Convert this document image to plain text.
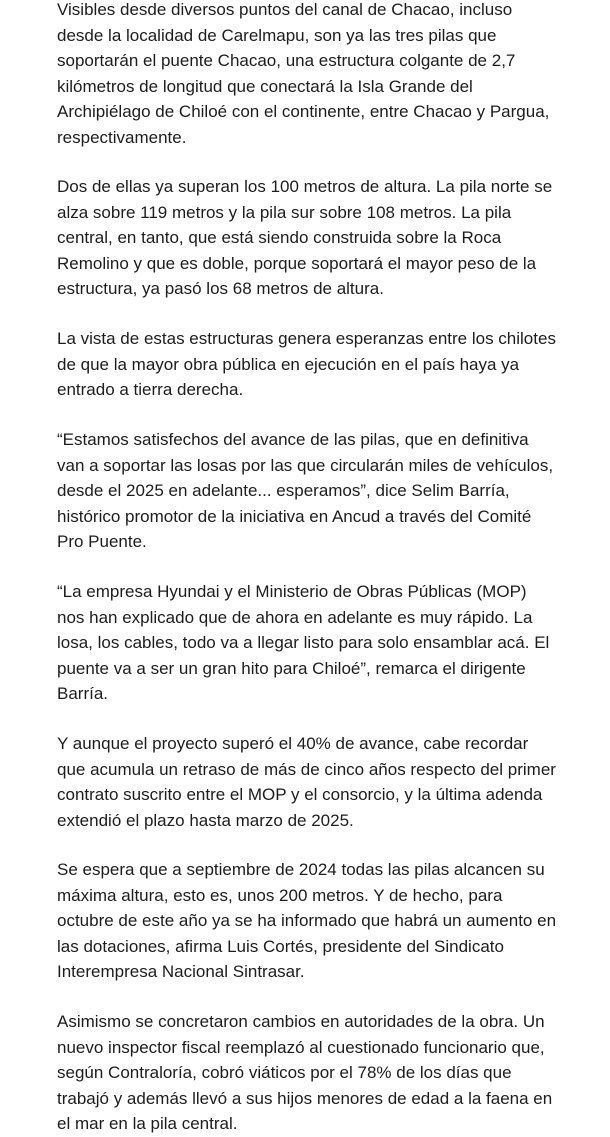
Visibles desde diversos puntos del canal de Chacao, incluso desde la localidad de Carelmapu, son ya las tres pilas que soportarán el puente Chacao, una estructura colgante de 2,7 kilómetros de longitud que conectará la Isla Grande del Archipiélago de Chiloé con el continente, entre Chacao y Pargua, respectivamente.

Dos de ellas ya superan los 100 metros de altura. La pila norte se alza sobre 119 metros y la pila sur sobre 108 metros. La pila central, en tanto, que está siendo construida sobre la Roca Remolino y que es doble, porque soportará el mayor peso de la estructura, ya pasó los 68 metros de altura.

La vista de estas estructuras genera esperanzas entre los chilotes de que la mayor obra pública en ejecución en el país haya ya entrado a tierra derecha.

“Estamos satisfechos del avance de las pilas, que en definitiva van a soportar las losas por las que circularán miles de vehículos, desde el 2025 en adelante... esperamos”, dice Selim Barría, histórico promotor de la iniciativa en Ancud a través del Comité Pro Puente.

“La empresa Hyundai y el Ministerio de Obras Públicas (MOP) nos han explicado que de ahora en adelante es muy rápido. La losa, los cables, todo va a llegar listo para solo ensamblar acá. El puente va a ser un gran hito para Chiloé”, remarca el dirigente Barría.

Y aunque el proyecto superó el 40% de avance, cabe recordar que acumula un retraso de más de cinco años respecto del primer contrato suscrito entre el MOP y el consorcio, y la última adenda extendió el plazo hasta marzo de 2025.

Se espera que a septiembre de 2024 todas las pilas alcancen su máxima altura, esto es, unos 200 metros. Y de hecho, para octubre de este año ya se ha informado que habrá un aumento en las dotaciones, afirma Luis Cortés, presidente del Sindicato Interempresa Nacional Sintrasar.

Asimismo se concretaron cambios en autoridades de la obra. Un nuevo inspector fiscal reemplazó al cuestionado funcionario que, según Contraloría, cobró viáticos por el 78% de los días que trabajó y además llevó a sus hijos menores de edad a la faena en el mar en la pila central.
